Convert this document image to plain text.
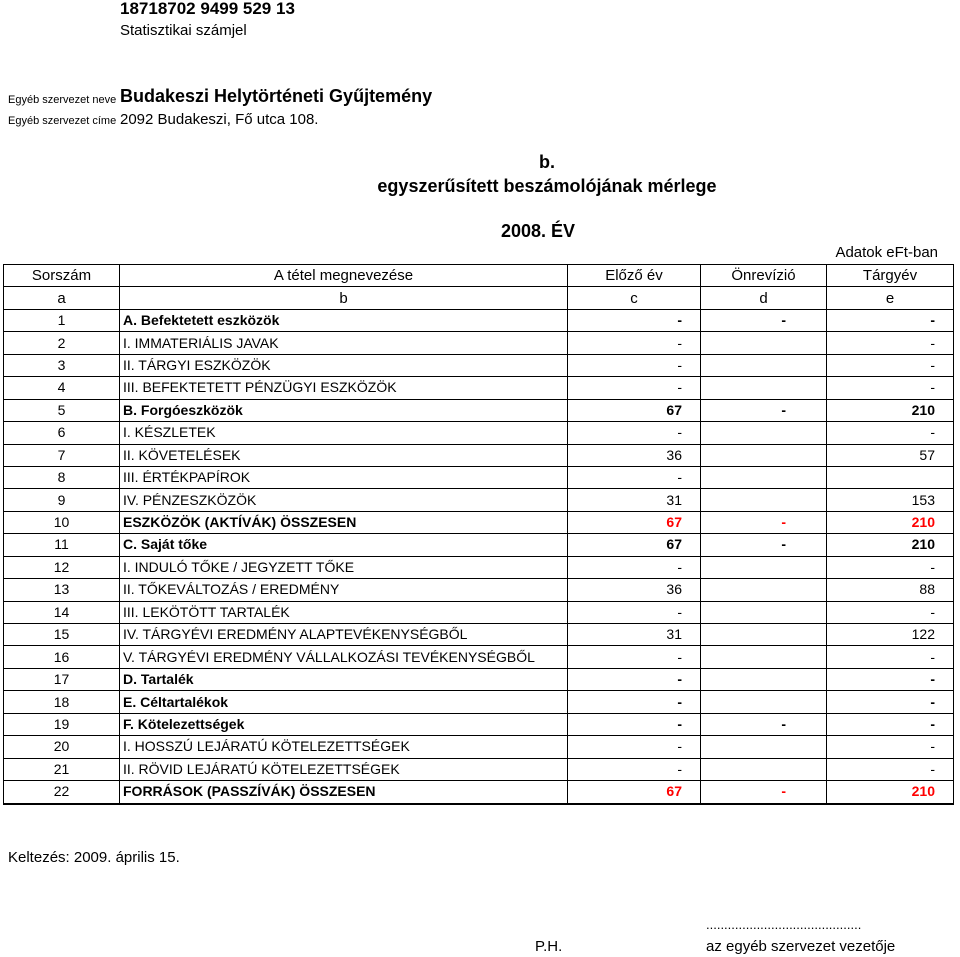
18718702 9499 529 13
Statisztikai számjel
Egyéb szervezet neve Budakeszi Helytörténeti Gyűjtemény
Egyéb szervezet címe 2092 Budakeszi, Fő utca 108.
b.
egyszerűsített beszámolójának mérlege
2008. ÉV
Adatok eFt-ban
Sorszám	A tétel megnevezése	Előző év	Önrevízió	Tárgyév
a	b	c	d	e
1	A. Befektetett eszközök	-	-	-
2	I. IMMATERIÁLIS JAVAK	-		-
3	II. TÁRGYI ESZKÖZÖK	-		-
4	III. BEFEKTETETT PÉNZÜGYI ESZKÖZÖK	-		-
5	B. Forgóeszközök	67	-	210
6	I. KÉSZLETEK	-		-
7	II. KÖVETELÉSEK	36		57
8	III. ÉRTÉKPAPÍROK	-		
9	IV. PÉNZESZKÖZÖK	31		153
10	ESZKÖZÖK (AKTÍVÁK) ÖSSZESEN	67	-	210
11	C. Saját tőke	67	-	210
12	I. INDULÓ TŐKE / JEGYZETT TŐKE	-		-
13	II. TŐKEVÁLTOZÁS / EREDMÉNY	36		88
14	III. LEKÖTÖTT TARTALÉK	-		-
15	IV. TÁRGYÉVI EREDMÉNY ALAPTEVÉKENYSÉGBŐL	31		122
16	V. TÁRGYÉVI EREDMÉNY VÁLLALKOZÁSI TEVÉKENYSÉGBŐL	-		-
17	D. Tartalék	-		-
18	E. Céltartalékok	-		-
19	F. Kötelezettségek	-	-	-
20	I. HOSSZÚ LEJÁRATÚ KÖTELEZETTSÉGEK	-		-
21	II. RÖVID LEJÁRATÚ KÖTELEZETTSÉGEK	-		-
22	FORRÁSOK (PASSZÍVÁK) ÖSSZESEN	67	-	210
Keltezés: 2009. április 15.
...........................................
P.H.	az egyéb szervezet vezetője
